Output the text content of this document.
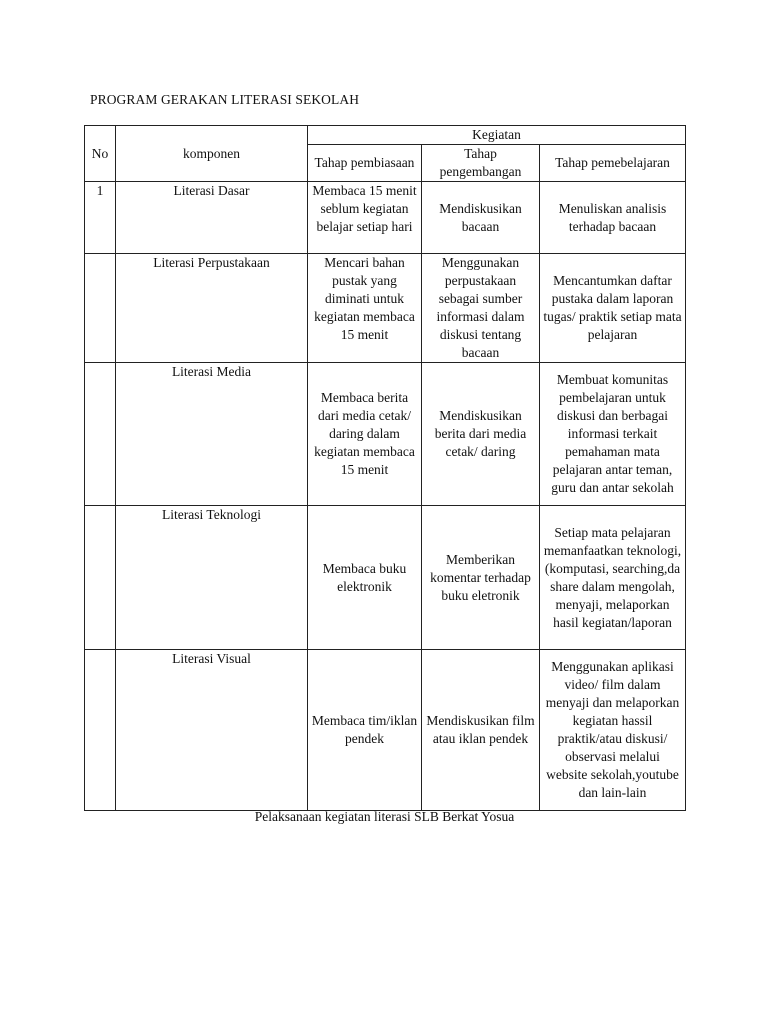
PROGRAM GERAKAN LITERASI SEKOLAH
No	komponen	Kegiatan		
		Tahap pembiasaan	Tahap pengembangan	Tahap pemebelajaran
1	Literasi Dasar	Membaca 15 menit seblum kegiatan belajar setiap hari	Mendiskusikan bacaan	Menuliskan analisis terhadap bacaan
	Literasi Perpustakaan	Mencari bahan pustak yang diminati untuk kegiatan membaca 15 menit	Menggunakan perpustakaan sebagai sumber informasi dalam diskusi tentang bacaan	Mencantumkan daftar pustaka dalam laporan tugas/ praktik setiap mata pelajaran
	Literasi Media	Membaca berita dari media cetak/ daring dalam kegiatan membaca 15 menit	Mendiskusikan berita dari media cetak/ daring	Membuat komunitas pembelajaran untuk diskusi dan berbagai informasi terkait pemahaman mata pelajaran antar teman, guru dan antar sekolah
	Literasi Teknologi	Membaca buku elektronik	Memberikan komentar terhadap buku eletronik	Setiap mata pelajaran memanfaatkan teknologi,(komputasi, searching,da share dalam mengolah, menyaji, melaporkan hasil kegiatan/laporan
	Literasi Visual	Membaca tim/iklan pendek	Mendiskusikan film atau iklan pendek	Menggunakan aplikasi video/ film dalam menyaji dan melaporkan kegiatan hassil praktik/atau diskusi/ observasi melalui website sekolah,youtube dan lain-lain
Pelaksanaan kegiatan literasi SLB Berkat Yosua
